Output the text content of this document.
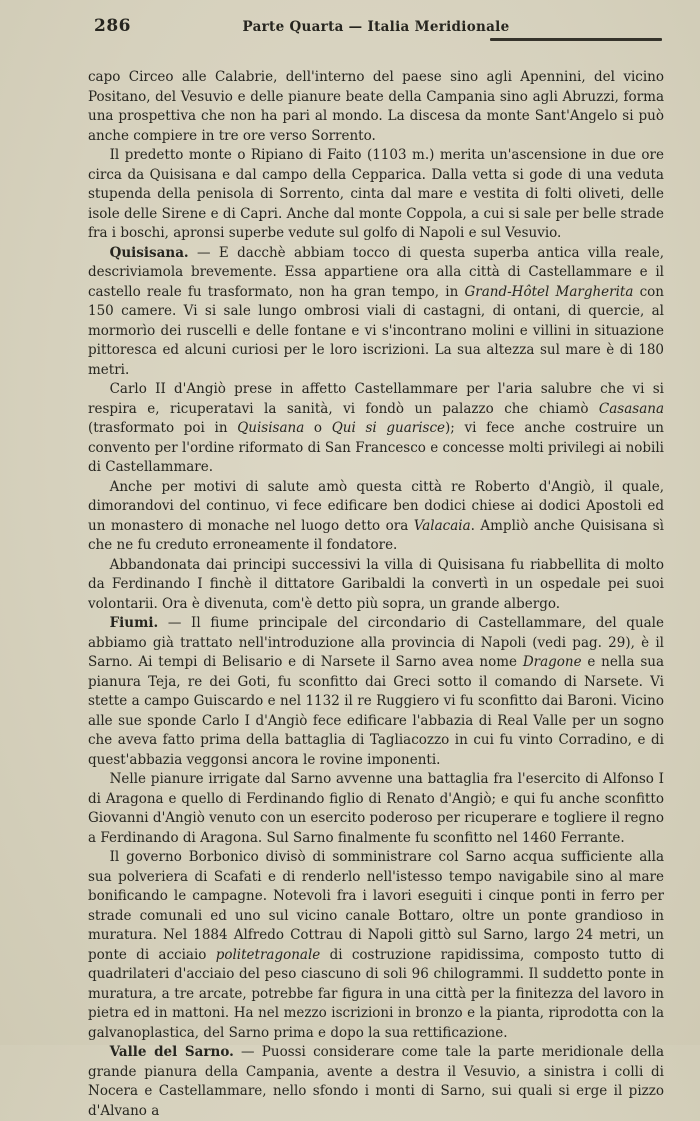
286	Parte Quarta — Italia Meridionale

capo Circeo alle Calabrie, dell'interno del paese sino agli Apennini, del vicino Positano, del Vesuvio e delle pianure beate della Campania sino agli Abruzzi, forma una prospettiva che non ha pari al mondo. La discesa da monte Sant'Angelo si può anche compiere in tre ore verso Sorrento.

Il predetto monte o Ripiano di Faito (1103 m.) merita un'ascensione in due ore circa da Quisisana e dal campo della Cepparica. Dalla vetta si gode di una veduta stupenda della penisola di Sorrento, cinta dal mare e vestita di folti oliveti, delle isole delle Sirene e di Capri. Anche dal monte Coppola, a cui si sale per belle strade fra i boschi, apronsi superbe vedute sul golfo di Napoli e sul Vesuvio.

Quisisana. — E dacchè abbiam tocco di questa superba antica villa reale, descriviamola brevemente. Essa appartiene ora alla città di Castellammare e il castello reale fu trasformato, non ha gran tempo, in Grand-Hôtel Margherita con 150 camere. Vi si sale lungo ombrosi viali di castagni, di ontani, di quercie, al mormorìo dei ruscelli e delle fontane e vi s'incontrano molini e villini in situazione pittoresca ed alcuni curiosi per le loro iscrizioni. La sua altezza sul mare è di 180 metri.

Carlo II d'Angiò prese in affetto Castellammare per l'aria salubre che vi si respira e, ricuperatavi la sanità, vi fondò un palazzo che chiamò Casasana (trasformato poi in Quisisana o Qui si guarisce); vi fece anche costruire un convento per l'ordine riformato di San Francesco e concesse molti privilegi ai nobili di Castellammare.

Anche per motivi di salute amò questa città re Roberto d'Angiò, il quale, dimorandovi del continuo, vi fece edificare ben dodici chiese ai dodici Apostoli ed un monastero di monache nel luogo detto ora Valacaia. Ampliò anche Quisisana sì che ne fu creduto erroneamente il fondatore.

Abbandonata dai principi successivi la villa di Quisisana fu riabbellita di molto da Ferdinando I finchè il dittatore Garibaldi la convertì in un ospedale pei suoi volontarii. Ora è divenuta, com'è detto più sopra, un grande albergo.

Fiumi. — Il fiume principale del circondario di Castellammare, del quale abbiamo già trattato nell'introduzione alla provincia di Napoli (vedi pag. 29), è il Sarno. Ai tempi di Belisario e di Narsete il Sarno avea nome Dragone e nella sua pianura Teja, re dei Goti, fu sconfitto dai Greci sotto il comando di Narsete. Vi stette a campo Guiscardo e nel 1132 il re Ruggiero vi fu sconfitto dai Baroni. Vicino alle sue sponde Carlo I d'Angiò fece edificare l'abbazia di Real Valle per un sogno che aveva fatto prima della battaglia di Tagliacozzo in cui fu vinto Corradino, e di quest'abbazia veggonsi ancora le rovine imponenti.

Nelle pianure irrigate dal Sarno avvenne una battaglia fra l'esercito di Alfonso I di Aragona e quello di Ferdinando figlio di Renato d'Angiò; e qui fu anche sconfitto Giovanni d'Angiò venuto con un esercito poderoso per ricuperare e togliere il regno a Ferdinando di Aragona. Sul Sarno finalmente fu sconfitto nel 1460 Ferrante.

Il governo Borbonico divisò di somministrare col Sarno acqua sufficiente alla sua polveriera di Scafati e di renderlo nell'istesso tempo navigabile sino al mare bonificando le campagne. Notevoli fra i lavori eseguiti i cinque ponti in ferro per strade comunali ed uno sul vicino canale Bottaro, oltre un ponte grandioso in muratura. Nel 1884 Alfredo Cottrau di Napoli gittò sul Sarno, largo 24 metri, un ponte di acciaio politetragonale di costruzione rapidissima, composto tutto di quadrilateri d'acciaio del peso ciascuno di soli 96 chilogrammi. Il suddetto ponte in muratura, a tre arcate, potrebbe far figura in una città per la finitezza del lavoro in pietra ed in mattoni. Ha nel mezzo iscrizioni in bronzo e la pianta, riprodotta con la galvanoplastica, del Sarno prima e dopo la sua rettificazione.

Valle del Sarno. — Puossi considerare come tale la parte meridionale della grande pianura della Campania, avente a destra il Vesuvio, a sinistra i colli di Nocera e Castellammare, nello sfondo i monti di Sarno, sui quali si erge il pizzo d'Alvano a
